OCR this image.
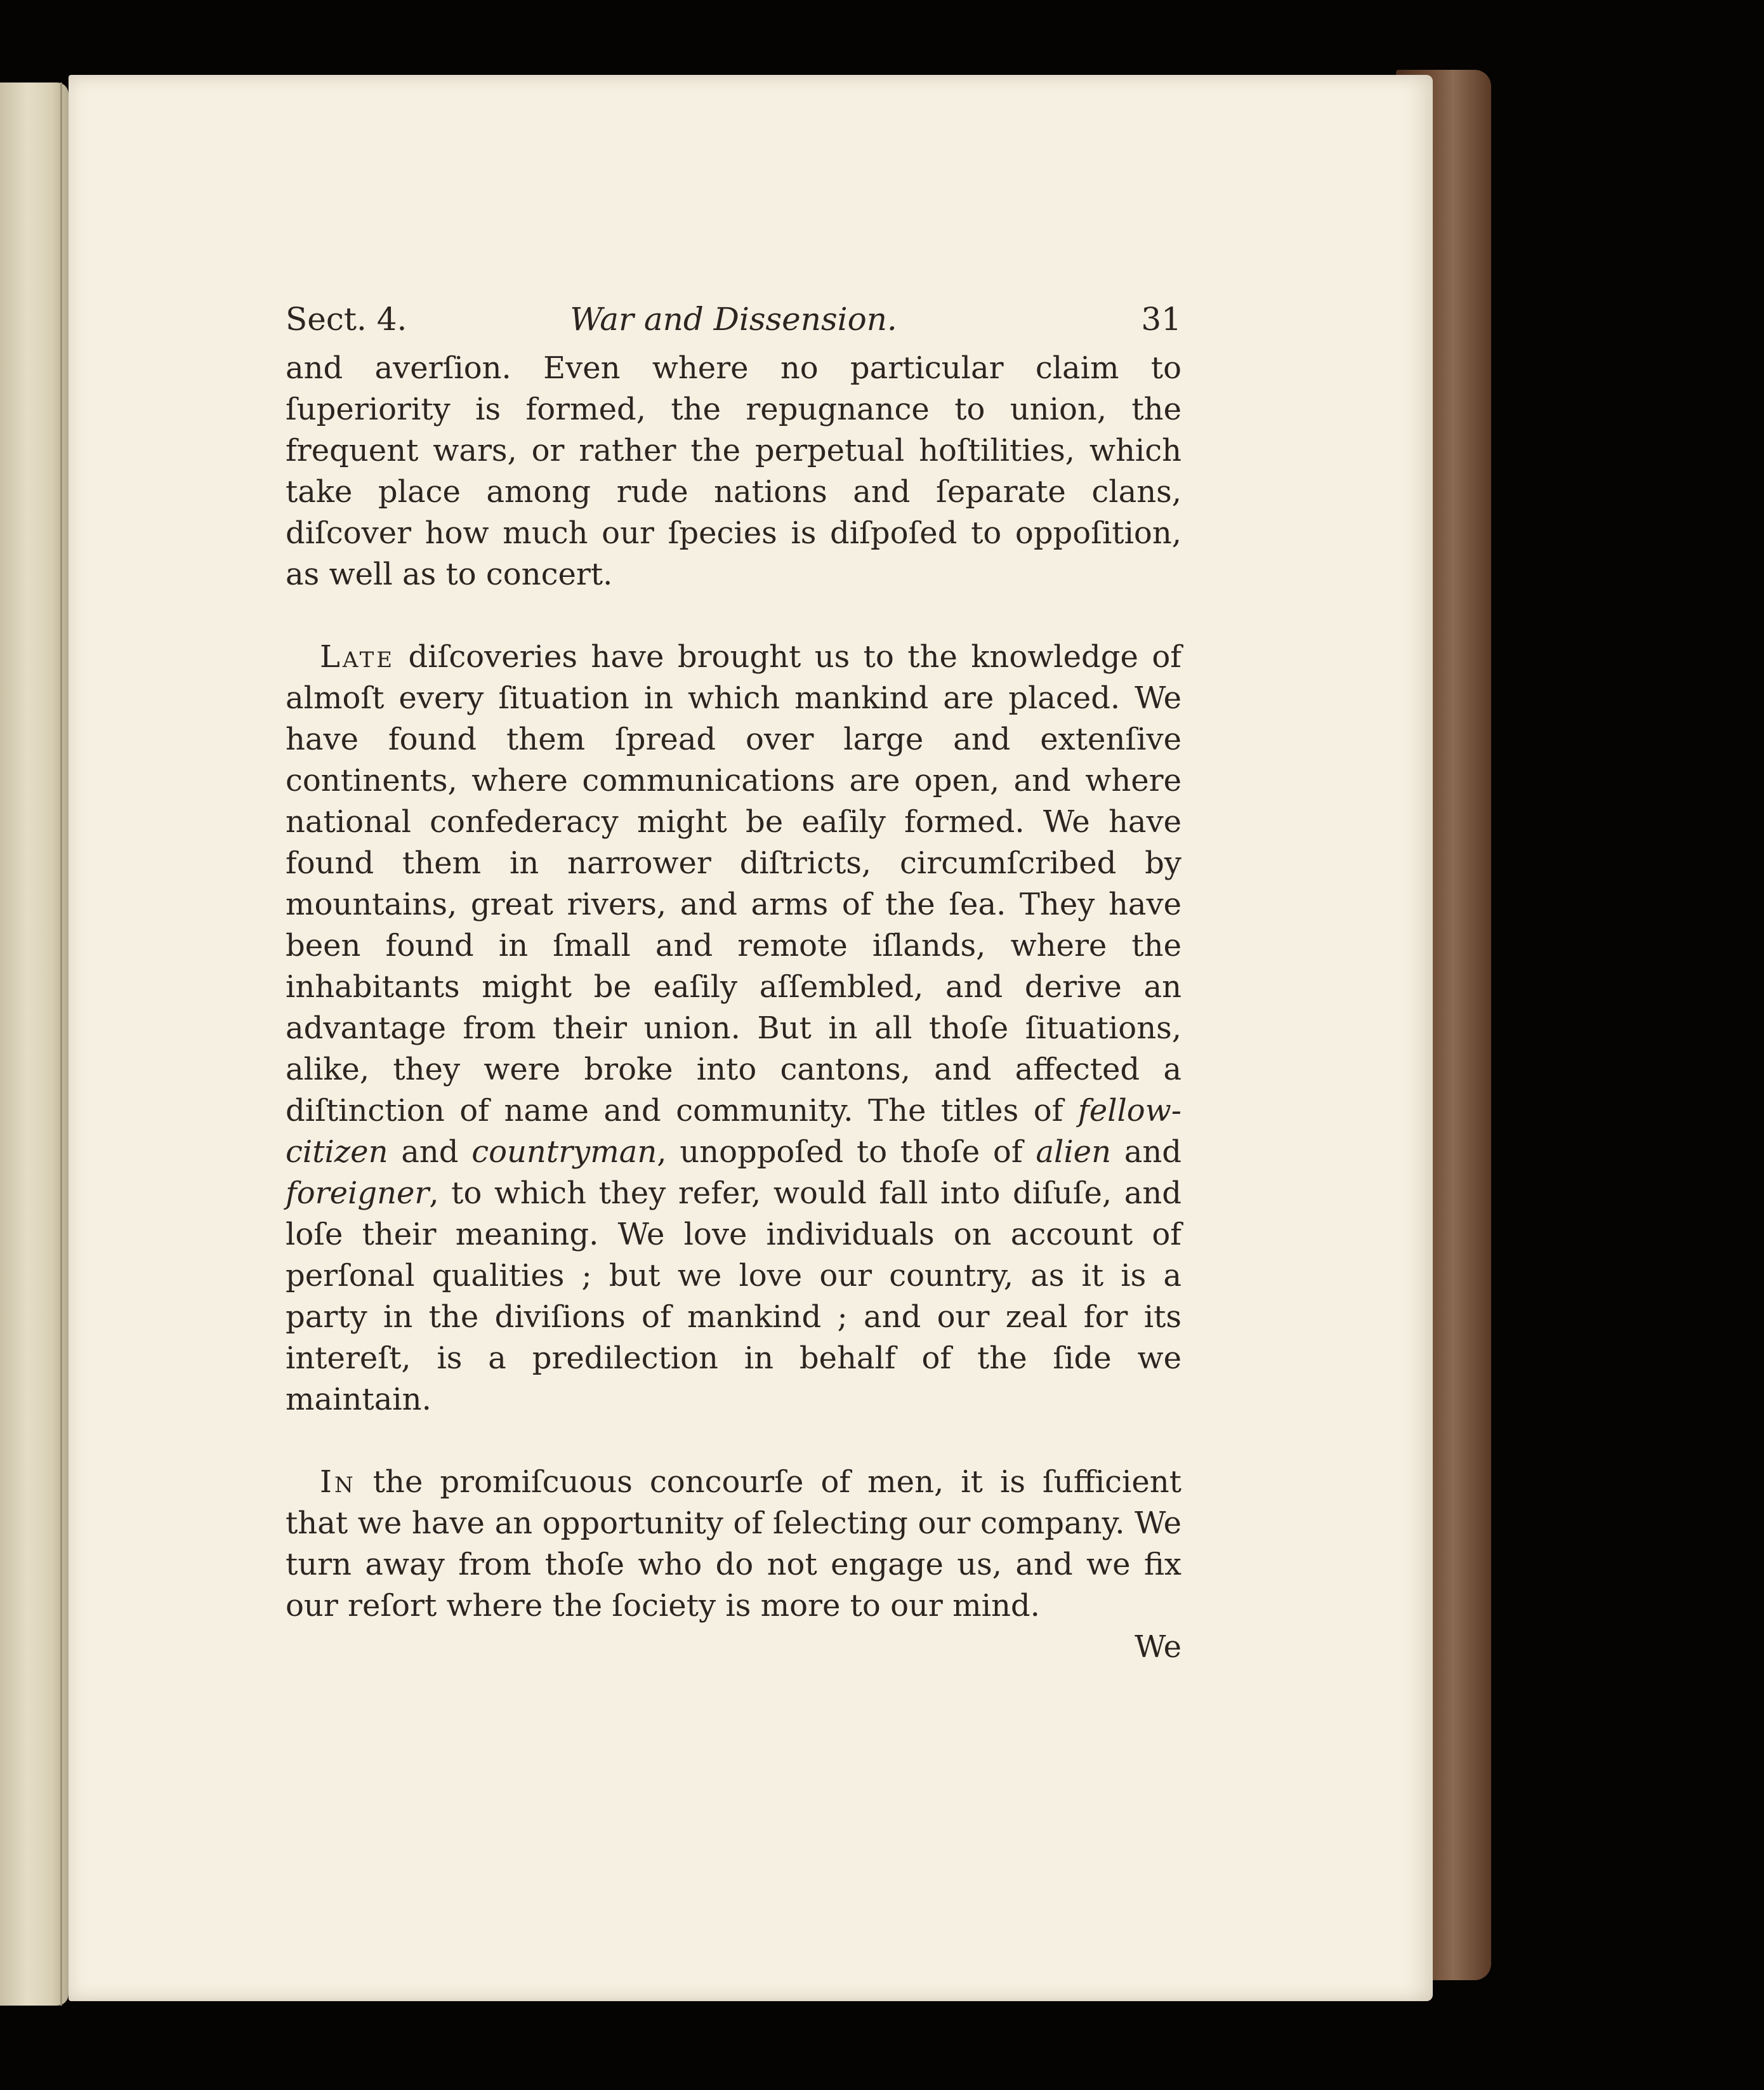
Sect. 4.	War and Dissension.	31

and averſion. Even where no particular claim to ſuperiority is formed, the repugnance to union, the frequent wars, or rather the perpetual hoſtilities, which take place among rude nations and ſeparate clans, diſcover how much our ſpecies is diſpoſed to oppoſition, as well as to concert.

Late diſcoveries have brought us to the knowledge of almoſt every ſituation in which mankind are placed. We have found them ſpread over large and extenſive continents, where communications are open, and where national confederacy might be eaſily formed. We have found them in narrower diſtricts, circumſcribed by mountains, great rivers, and arms of the ſea. They have been found in ſmall and remote iſlands, where the inhabitants might be eaſily aſſembled, and derive an advantage from their union. But in all thoſe ſituations, alike, they were broke into cantons, and affected a diſtinction of name and community. The titles of fellow-citizen and countryman, unoppoſed to thoſe of alien and foreigner, to which they refer, would fall into diſuſe, and loſe their meaning. We love individuals on account of perſonal qualities ; but we love our country, as it is a party in the diviſions of mankind ; and our zeal for its intereſt, is a predilection in behalf of the ſide we maintain.

In the promiſcuous concourſe of men, it is ſufficient that we have an opportunity of ſelecting our company. We turn away from thoſe who do not engage us, and we fix our reſort where the ſociety is more to our mind.

We
